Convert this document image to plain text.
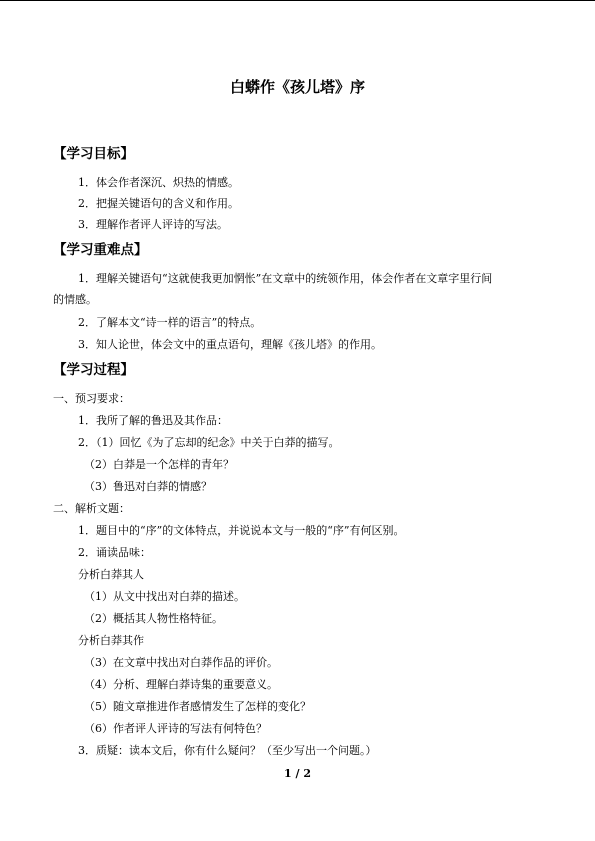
白蟒作《孩儿塔》序
【学习目标】
1．体会作者深沉、炽热的情感。
2．把握关键语句的含义和作用。
3．理解作者评人评诗的写法。
【学习重难点】
1．理解关键语句“这就使我更加惘怅”在文章中的统领作用，体会作者在文章字里行间
的情感。
2．了解本文“诗一样的语言”的特点。
3．知人论世，体会文中的重点语句，理解《孩儿塔》的作用。
【学习过程】
一、预习要求：
1．我所了解的鲁迅及其作品：
2．（1）回忆《为了忘却的纪念》中关于白莽的描写。
（2）白莽是一个怎样的青年？
（3）鲁迅对白莽的情感？
二、解析文题：
1．题目中的“序”的文体特点，并说说本文与一般的“序”有何区别。
2．诵读品味：
分析白莽其人
（1）从文中找出对白莽的描述。
（2）概括其人物性格特征。
分析白莽其作
（3）在文章中找出对白莽作品的评价。
（4）分析、理解白莽诗集的重要意义。
（5）随文章推进作者感情发生了怎样的变化？
（6）作者评人评诗的写法有何特色？
3．质疑：读本文后，你有什么疑问？（至少写出一个问题。）
1 / 2
